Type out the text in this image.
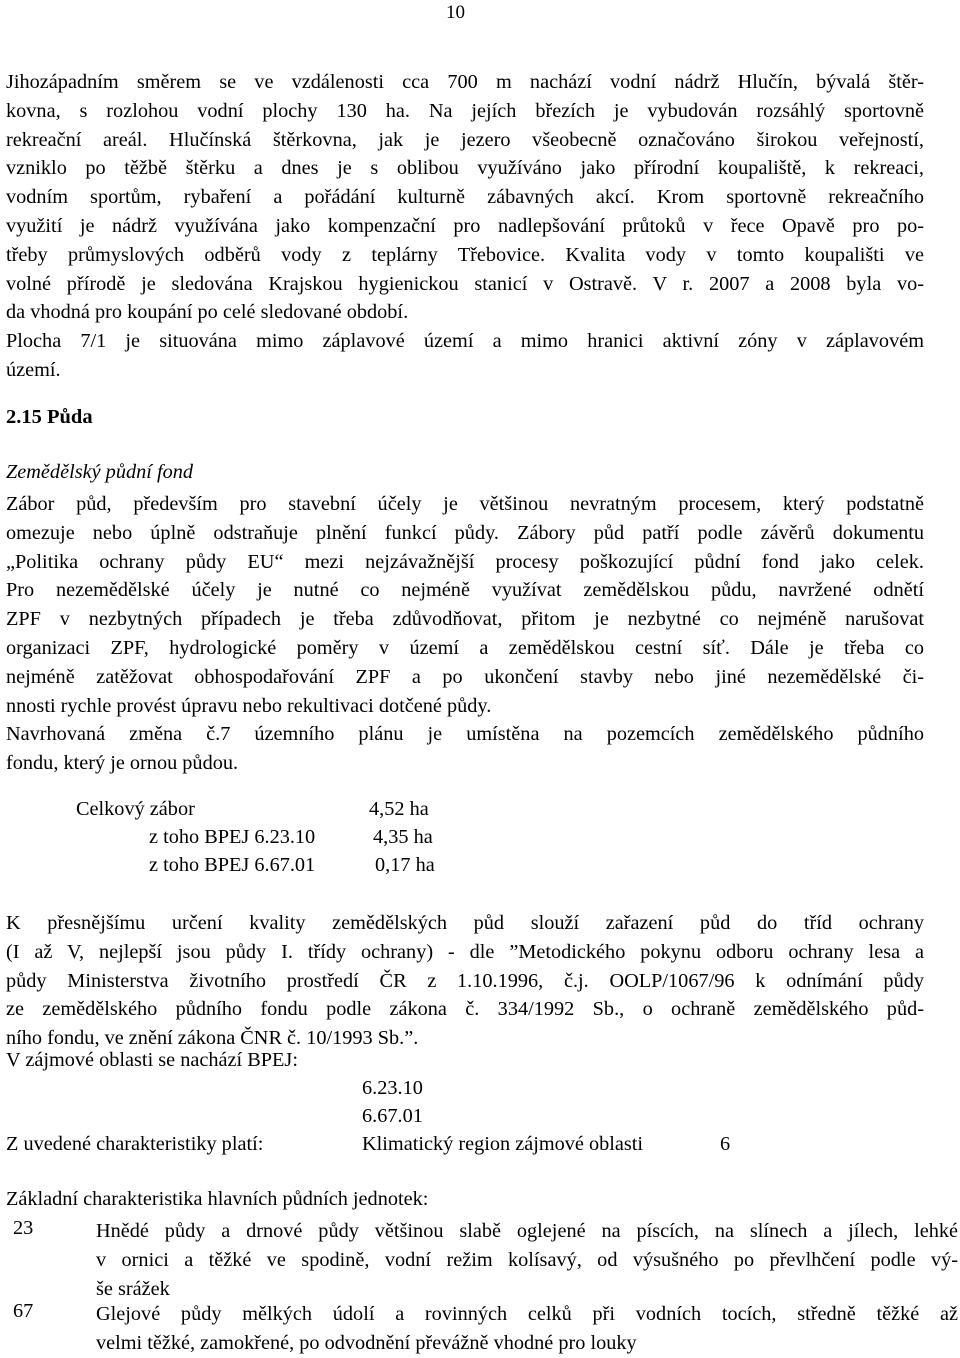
10
Jihozápadním směrem se ve vzdálenosti cca 700 m nachází vodní nádrž Hlučín, bývalá štěr-
kovna, s rozlohou vodní plochy 130 ha. Na jejích březích je vybudován rozsáhlý sportovně
rekreační areál. Hlučínská štěrkovna, jak je jezero všeobecně označováno širokou veřejností,
vzniklo po těžbě štěrku a dnes je s oblibou využíváno jako přírodní koupaliště, k rekreaci,
vodním sportům, rybaření a pořádání kulturně zábavných akcí. Krom sportovně rekreačního
využití je nádrž využívána jako kompenzační pro nadlepšování průtoků v řece Opavě pro po-
třeby průmyslových odběrů vody z teplárny Třebovice. Kvalita vody v tomto koupališti ve
volné přírodě je sledována Krajskou hygienickou stanicí v Ostravě. V r. 2007 a 2008 byla vo-
da vhodná pro koupání po celé sledované období.
Plocha 7/1 je situována mimo záplavové území a mimo hranici aktivní zóny v záplavovém
území.
2.15 Půda
Zemědělský půdní fond
Zábor půd, především pro stavební účely je většinou nevratným procesem, který podstatně
omezuje nebo úplně odstraňuje plnění funkcí půdy. Zábory půd patří podle závěrů dokumentu
„Politika ochrany půdy EU“ mezi nejzávažnější procesy poškozující půdní fond jako celek.
Pro nezemědělské účely je nutné co nejméně využívat zemědělskou půdu, navržené odnětí
ZPF v nezbytných případech je třeba zdůvodňovat, přitom je nezbytné co nejméně narušovat
organizaci ZPF, hydrologické poměry v území a zemědělskou cestní síť. Dále je třeba co
nejméně zatěžovat obhospodařování ZPF a po ukončení stavby nebo jiné nezemědělské či-
nnosti rychle provést úpravu nebo rekultivaci dotčené půdy.
Navrhovaná změna č.7 územního plánu je umístěna na pozemcích zemědělského půdního
fondu, který je ornou půdou.
Celkový zábor	4,52 ha
z toho BPEJ 6.23.10	4,35 ha
z toho BPEJ 6.67.01	0,17 ha
K přesnějšímu určení kvality zemědělských půd slouží zařazení půd do tříd ochrany
(I až V, nejlepší jsou půdy I. třídy ochrany) - dle ”Metodického pokynu odboru ochrany lesa a
půdy Ministerstva životního prostředí ČR z 1.10.1996, č.j. OOLP/1067/96 k odnímání půdy
ze zemědělského půdního fondu podle zákona č. 334/1992 Sb., o ochraně zemědělského půd-
ního fondu, ve znění zákona ČNR č. 10/1993 Sb.”.
V zájmové oblasti se nachází BPEJ:
6.23.10
6.67.01
Z uvedené charakteristiky platí:	Klimatický region zájmové oblasti	6
Základní charakteristika hlavních půdních jednotek:
23	Hnědé půdy a drnové půdy většinou slabě oglejené na píscích, na slínech a jílech, lehké
v ornici a těžké ve spodině, vodní režim kolísavý, od výsušného po převlhčení podle vý-
še srážek
67	Glejové půdy mělkých údolí a rovinných celků při vodních tocích, středně těžké až
velmi těžké, zamokřené, po odvodnění převážně vhodné pro louky
